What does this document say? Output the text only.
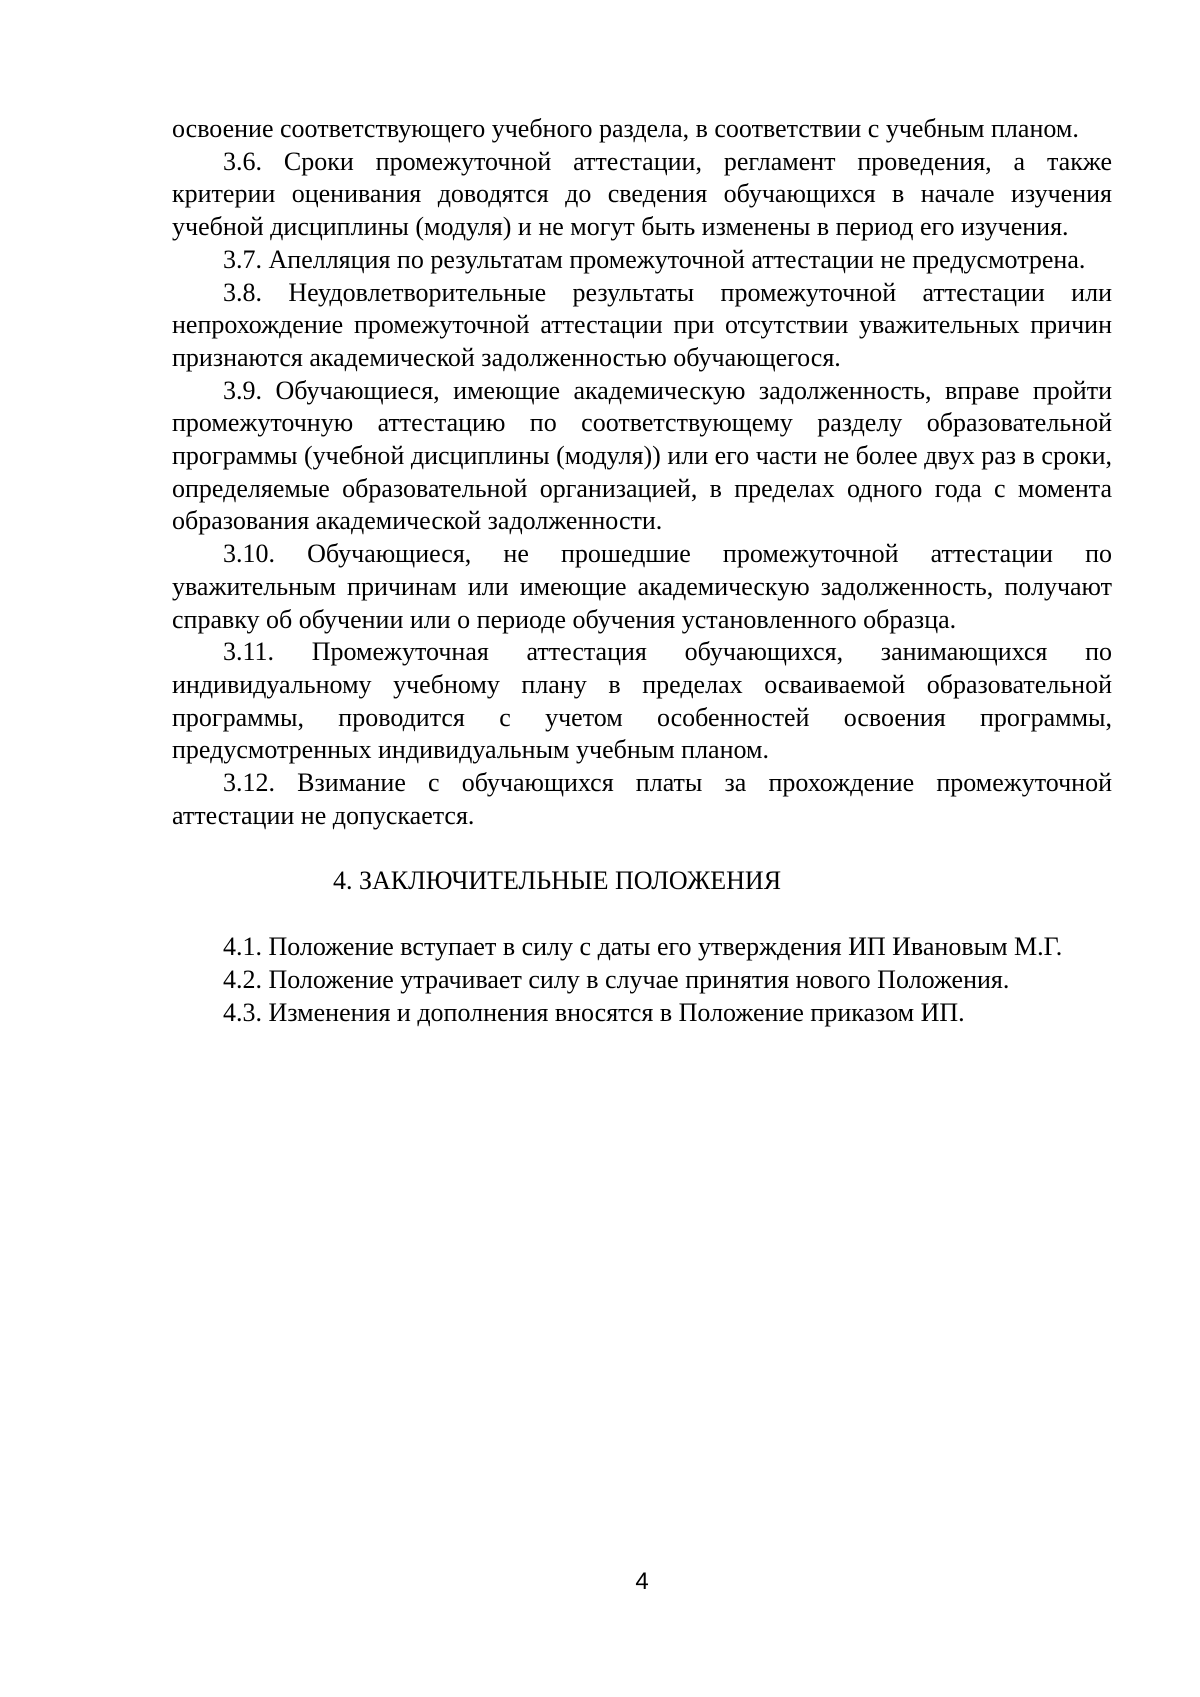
освоение соответствующего учебного раздела, в соответствии с учебным планом.

3.6. Сроки промежуточной аттестации, регламент проведения, а также критерии оценивания доводятся до сведения обучающихся в начале изучения учебной дисциплины (модуля) и не могут быть изменены в период его изучения.

3.7. Апелляция по результатам промежуточной аттестации не предусмотрена.

3.8. Неудовлетворительные результаты промежуточной аттестации или непрохождение промежуточной аттестации при отсутствии уважительных причин признаются академической задолженностью обучающегося.

3.9. Обучающиеся, имеющие академическую задолженность, вправе пройти промежуточную аттестацию по соответствующему разделу образовательной программы (учебной дисциплины (модуля)) или его части не более двух раз в сроки, определяемые образовательной организацией, в пределах одного года с момента образования академической задолженности.

3.10. Обучающиеся, не прошедшие промежуточной аттестации по уважительным причинам или имеющие академическую задолженность, получают справку об обучении или о периоде обучения установленного образца.

3.11. Промежуточная аттестация обучающихся, занимающихся по индивидуальному учебному плану в пределах осваиваемой образовательной программы, проводится с учетом особенностей освоения программы, предусмотренных индивидуальным учебным планом.

3.12. Взимание с обучающихся платы за прохождение промежуточной аттестации не допускается.

4. ЗАКЛЮЧИТЕЛЬНЫЕ ПОЛОЖЕНИЯ

4.1. Положение вступает в силу с даты его утверждения ИП Ивановым М.Г.

4.2. Положение утрачивает силу в случае принятия нового Положения.

4.3. Изменения и дополнения вносятся в Положение приказом ИП.

4
